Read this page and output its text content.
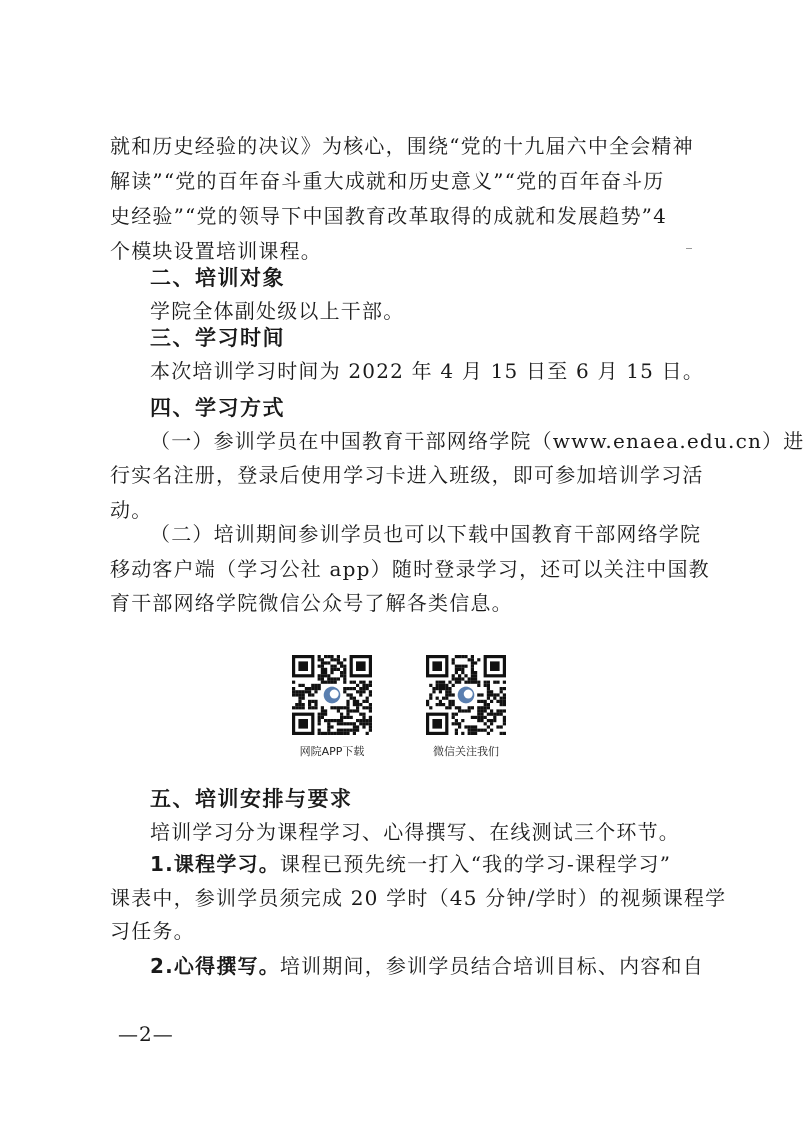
就和历史经验的决议》为核心，围绕“党的十九届六中全会精神
解读”“党的百年奋斗重大成就和历史意义”“党的百年奋斗历
史经验”“党的领导下中国教育改革取得的成就和发展趋势”4
个模块设置培训课程。
二、培训对象
学院全体副处级以上干部。
三、学习时间
本次培训学习时间为 2022 年 4 月 15 日至 6 月 15 日。
四、学习方式
（一）参训学员在中国教育干部网络学院（www.enaea.edu.cn）进
行实名注册，登录后使用学习卡进入班级，即可参加培训学习活
动。
（二）培训期间参训学员也可以下载中国教育干部网络学院
移动客户端（学习公社 app）随时登录学习，还可以关注中国教
育干部网络学院微信公众号了解各类信息。
网院APP下载	微信关注我们
五、培训安排与要求
培训学习分为课程学习、心得撰写、在线测试三个环节。
1.课程学习。课程已预先统一打入“我的学习-课程学习”
课表中，参训学员须完成 20 学时（45 分钟/学时）的视频课程学
习任务。
2.心得撰写。培训期间，参训学员结合培训目标、内容和自
—2—
